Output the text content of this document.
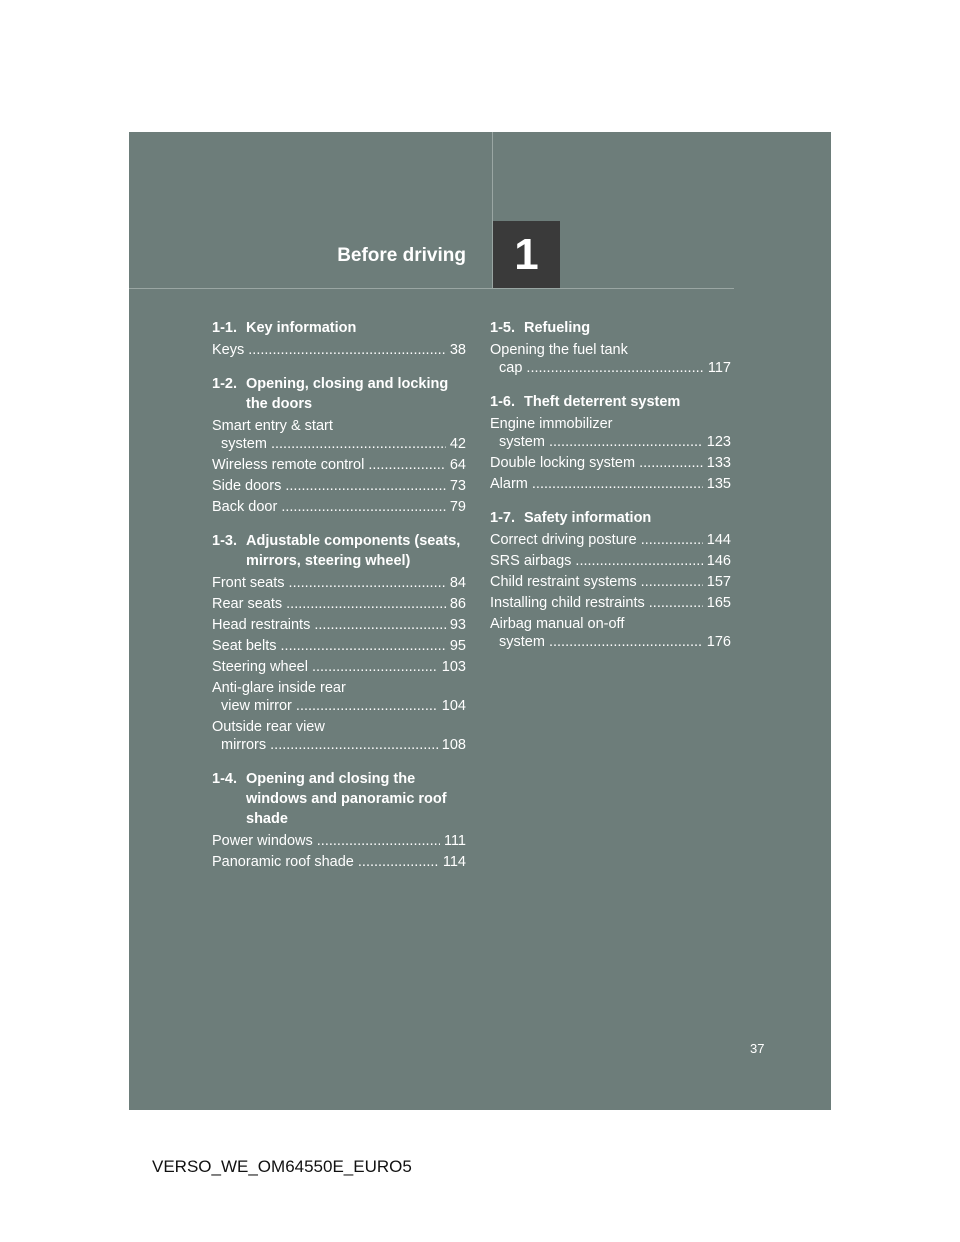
Before driving 1
1-1. Key information
Keys .....	38
1-2. Opening, closing and locking the doors
Smart entry & start
system .....	42
Wireless remote control .....	64
Side doors .....	73
Back door .....	79
1-3. Adjustable components (seats, mirrors, steering wheel)
Front seats .....	84
Rear seats .....	86
Head restraints .....	93
Seat belts .....	95
Steering wheel .....	103
Anti-glare inside rear
view mirror .....	104
Outside rear view
mirrors .....	108
1-4. Opening and closing the windows and panoramic roof shade
Power windows .....	111
Panoramic roof shade .....	114
1-5. Refueling
Opening the fuel tank
cap .....	117
1-6. Theft deterrent system
Engine immobilizer
system .....	123
Double locking system .....	133
Alarm .....	135
1-7. Safety information
Correct driving posture .....	144
SRS airbags .....	146
Child restraint systems .....	157
Installing child restraints .....	165
Airbag manual on-off
system .....	176
37
VERSO_WE_OM64550E_EURO5
